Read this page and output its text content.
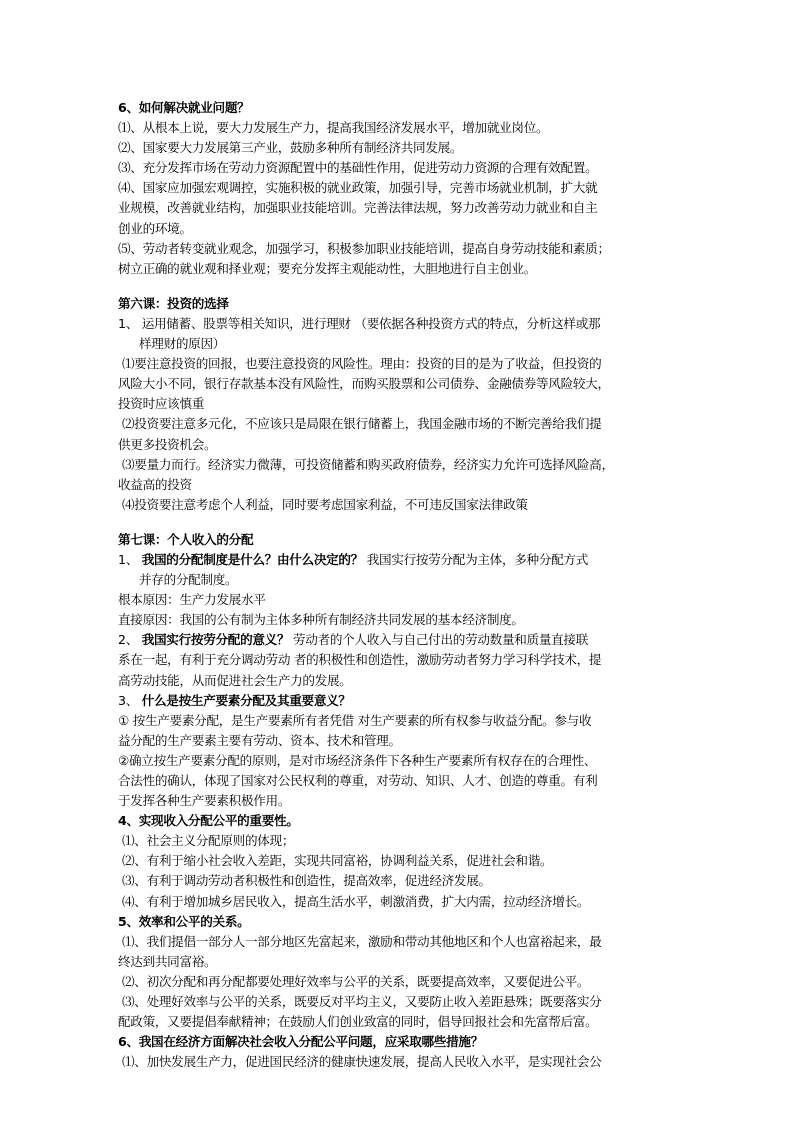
6、如何解决就业问题？
⑴、从根本上说，要大力发展生产力，提高我国经济发展水平，增加就业岗位。
⑵、国家要大力发展第三产业，鼓励多种所有制经济共同发展。
⑶、充分发挥市场在劳动力资源配置中的基础性作用，促进劳动力资源的合理有效配置。
⑷、国家应加强宏观调控，实施积极的就业政策，加强引导，完善市场就业机制，扩大就
业规模，改善就业结构，加强职业技能培训。完善法律法规，努力改善劳动力就业和自主
创业的环境。
⑸、劳动者转变就业观念，加强学习，积极参加职业技能培训，提高自身劳动技能和素质；
树立正确的就业观和择业观；要充分发挥主观能动性，大胆地进行自主创业。
第六课：投资的选择
1、 运用储蓄、股票等相关知识，进行理财 （要依据各种投资方式的特点，分析这样或那
样理财的原因）
⑴要注意投资的回报，也要注意投资的风险性。理由：投资的目的是为了收益，但投资的
风险大小不同，银行存款基本没有风险性，而购买股票和公司债券、金融债券等风险较大，
投资时应该慎重
⑵投资要注意多元化，不应该只是局限在银行储蓄上，我国金融市场的不断完善给我们提
供更多投资机会。
⑶要量力而行。经济实力微薄，可投资储蓄和购买政府债券，经济实力允许可选择风险高，
收益高的投资
⑷投资要注意考虑个人利益，同时要考虑国家利益，不可违反国家法律政策
第七课：个人收入的分配
1、 我国的分配制度是什么？由什么决定的？ 我国实行按劳分配为主体，多种分配方式
并存的分配制度。
根本原因：生产力发展水平
直接原因：我国的公有制为主体多种所有制经济共同发展的基本经济制度。
2、 我国实行按劳分配的意义？ 劳动者的个人收入与自己付出的劳动数量和质量直接联
系在一起，有利于充分调动劳动 者的积极性和创造性，激励劳动者努力学习科学技术，提
高劳动技能，从而促进社会生产力的发展。
3、 什么是按生产要素分配及其重要意义？
① 按生产要素分配，是生产要素所有者凭借 对生产要素的所有权参与收益分配。参与收
益分配的生产要素主要有劳动、资本、技术和管理。
②确立按生产要素分配的原则，是对市场经济条件下各种生产要素所有权存在的合理性、
合法性的确认，体现了国家对公民权利的尊重，对劳动、知识、人才、创造的尊重。有利
于发挥各种生产要素积极作用。
4、实现收入分配公平的重要性。
⑴、社会主义分配原则的体现；
⑵、有利于缩小社会收入差距，实现共同富裕，协调利益关系，促进社会和谐。
⑶、有利于调动劳动者积极性和创造性，提高效率，促进经济发展。
⑷、有利于增加城乡居民收入，提高生活水平，刺激消费，扩大内需，拉动经济增长。
5、效率和公平的关系。
⑴、我们提倡一部分人一部分地区先富起来，激励和带动其他地区和个人也富裕起来，最
终达到共同富裕。
⑵、初次分配和再分配都要处理好效率与公平的关系，既要提高效率，又要促进公平。
⑶、处理好效率与公平的关系，既要反对平均主义，又要防止收入差距悬殊；既要落实分
配政策，又要提倡奉献精神；在鼓励人们创业致富的同时，倡导回报社会和先富帮后富。
6、我国在经济方面解决社会收入分配公平问题，应采取哪些措施？
⑴、加快发展生产力，促进国民经济的健康快速发展，提高人民收入水平，是实现社会公
